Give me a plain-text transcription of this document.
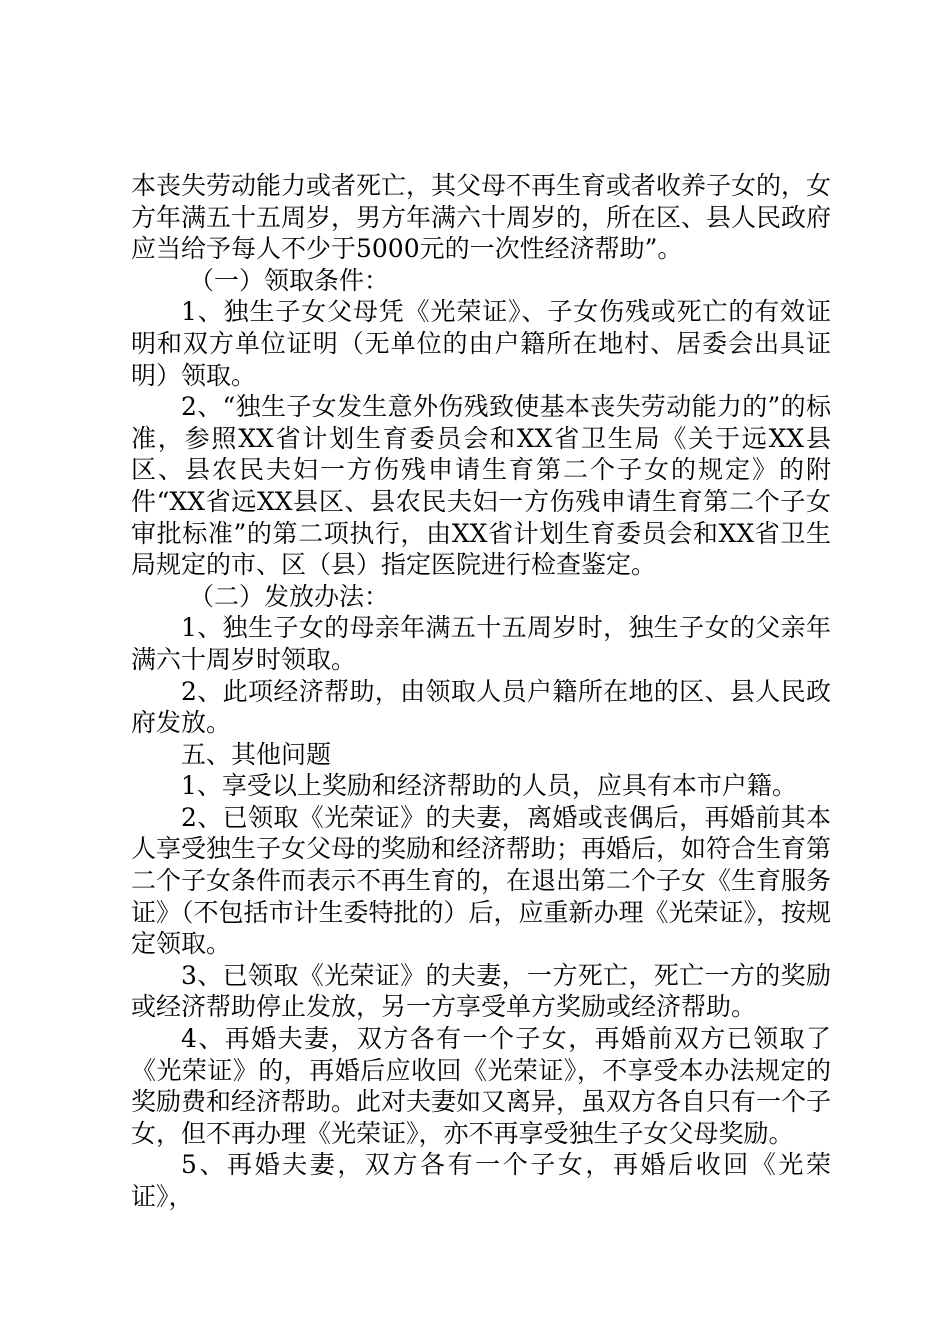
本丧失劳动能力或者死亡，其父母不再生育或者收养子女的，女方年满五十五周岁，男方年满六十周岁的，所在区、县人民政府应当给予每人不少于5000元的一次性经济帮助”。

（一）领取条件：

1、独生子女父母凭《光荣证》、子女伤残或死亡的有效证明和双方单位证明（无单位的由户籍所在地村、居委会出具证明）领取。

2、“独生子女发生意外伤残致使基本丧失劳动能力的”的标准，参照XX省计划生育委员会和XX省卫生局《关于远XX县区、县农民夫妇一方伤残申请生育第二个子女的规定》的附件“XX省远XX县区、县农民夫妇一方伤残申请生育第二个子女审批标准”的第二项执行，由XX省计划生育委员会和XX省卫生局规定的市、区（县）指定医院进行检查鉴定。

（二）发放办法：

1、独生子女的母亲年满五十五周岁时，独生子女的父亲年满六十周岁时领取。

2、此项经济帮助，由领取人员户籍所在地的区、县人民政府发放。

五、其他问题

1、享受以上奖励和经济帮助的人员，应具有本市户籍。

2、已领取《光荣证》的夫妻，离婚或丧偶后，再婚前其本人享受独生子女父母的奖励和经济帮助；再婚后，如符合生育第二个子女条件而表示不再生育的，在退出第二个子女《生育服务证》（不包括市计生委特批的）后，应重新办理《光荣证》，按规定领取。

3、已领取《光荣证》的夫妻，一方死亡，死亡一方的奖励或经济帮助停止发放，另一方享受单方奖励或经济帮助。

4、再婚夫妻，双方各有一个子女，再婚前双方已领取了《光荣证》的，再婚后应收回《光荣证》，不享受本办法规定的奖励费和经济帮助。此对夫妻如又离异，虽双方各自只有一个子女，但不再办理《光荣证》，亦不再享受独生子女父母奖励。

5、再婚夫妻，双方各有一个子女，再婚后收回《光荣证》，
